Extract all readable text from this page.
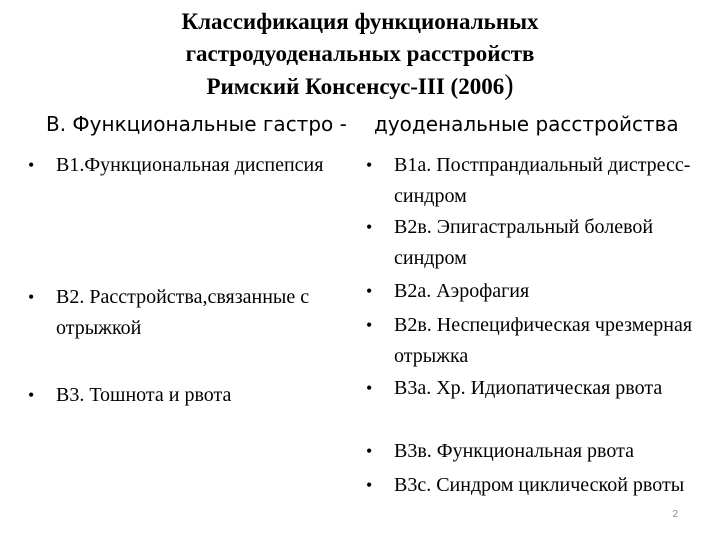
Классификация функциональных
гастродуоденальных расстройств
Римский Консенсус-III (2006)
B. Функциональные гастро - дуоденальные расстройства
• B1.Функциональная диспепсия
• B2. Расстройства,связанные с отрыжкой
• B3. Тошнота и рвота
• B1a. Постпрандиальный дистресс-синдром
• B2в. Эпигастральный болевой синдром
• B2a. Аэрофагия
• B2в. Неспецифическая чрезмерная отрыжка
• B3a. Хр. Идиопатическая рвота
• B3в. Функциональная рвота
• B3c. Синдром циклической рвоты
2
